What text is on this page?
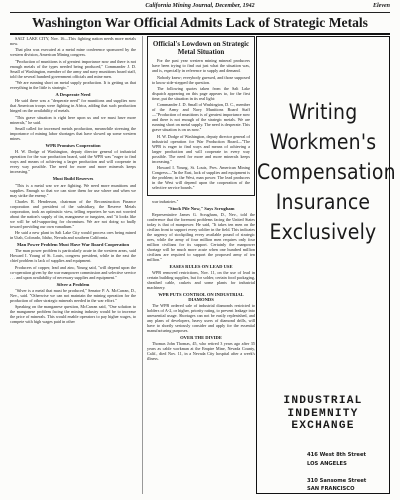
California Mining Journal, December, 1942	Eleven
Washington War Official Admits Lack of Strategic Metals

SALT LAKE CITY, Nov. 16—This fighting nation needs more metals now.

That plea was executed at a metal mine conference sponsored by the western division, American Mining congress.

"Production of munitions is of greatest importance now and there is not enough metals of the types needed being produced," Commander J. D. Small of Washington, member of the army and navy munitions board staff, told the several hundred government officials and mine men.

"We are running short on metal supply production. It is getting us that everything in the little is strategic."

A Desperate Need

He said there was a "desperate need" for munitions and supplies now that American troops were fighting in Africa, adding that such production hinged on the availability of metals.

"This grave situation is right here upon us and we must have more minerals," he said.

Small called for increased metals production, meanwhile stressing the importance of mining labor shortages that have slowed up some western mines.

WPB Promises Cooperation

H. W. Dodge of Washington, deputy director general of industrial operation for the war production board, said the WPB was "eager to find ways and means of achieving a larger production and will cooperate in every way possible. The need for more and more minerals keeps increasing."

Must Build Reserves

"This is a metal war we are fighting. We need more munitions and supplies. Enough so that we can store them for use where and when we may strike the enemy."

Charles R. Henderson, chairman of the Reconstruction Finance corporation and president of the subsidiary, the Reserve Metals corporation, took an optimistic view, telling reporters he was not worried about the nation's supply of tin, manganese or tungsten, and "it looks like we will be self-supporting for chromium. We are not doing so badly toward providing our own vanadium."

He said a new plant in Salt Lake City would process ores being mined in Utah, Colorado, Idaho, Nevada and southern California.

Man Power Problem Must Have War Board Cooperation

The man power problem is particularly acute in the western areas, said Howard I. Young of St. Louis, congress president, while in the east the chief problem is lack of supplies and equipment.

Producers of copper, lead and zinc, Young said, "will depend upon the co-operation given by the war manpower commission and selective service . . . and upon availability of necessary supplies and equipment."

Silver a Problem

"Silver is a metal that must be produced," Senator P. A. McCarran, D., Nev., said. "Otherwise we can not maintain the mining operation for the production of other strategic minerals needed in the war effort."

Speaking on the manganese question, McCarran said, "One solution to the manganese problem facing the mining industry would be to increase the price of minerals. This would enable operators to pay higher wages, to compete with high wages paid in other

Official's Lowdown on Strategic Metal Situation

For the past year western mining mineral producers have been trying to find out just what the situation was, and is, especially in reference to supply and demand.

Nobody knew; everybody guessed, and those supposed to know side-stepped the question.

The following quotes taken from the Salt Lake dispatch appearing on this page appears to, for the first time, put the situation in its real light:

Commander J. D. Small of Washington, D. C., member of the Army and Navy Munitions Board Staff—"Production of munitions is of greatest importance now and there is not enough of the strategic metals. We are running short on metal supply. The need is desperate. This grave situation is on us now."

H. W. Dodge of Washington, deputy director general of industrial operation for War Production Board—"The WPB is eager to find ways and means of achieving a larger production and will cooperate in every way possible. The need for more and more minerals keeps increasing."

Howard I. Young, St. Louis, Pres. American Mining Congress—"In the East, lack of supplies and equipment is the problem; in the West, man power. The lead producers in the West will depend upon the cooperation of the selective service boards."

war industries."

"Stock Pile Now," Says Scrugham

Representative James G. Scrugham, D., Nev., told the conference that the foremost problems facing the United States today is that of manpower. He said, "It takes ten men on the civilian front to support every soldier in the field. This indicates the urgency of stockpiling every available pound of strategic ores, while the army of four million men requires only four million civilians for its support. Certainly the manpower shortage will be much more acute when one hundred million civilians are required to support the proposed army of ten million."

EASES RULES ON LEAD USE

WPB removed restrictions, Nov. 11, on the use of lead in certain building supplies, but for solder, certain food packaging, sheathed cable, caskets and some plants for industrial machinery.

WPB PUTS CONTROL ON INDUSTRIAL DIAMONDS

The WPB ordered sale of industrial diamonds restricted to holders of A-2, or higher, priority rating, to prevent leakage into unessential usage. Shortages can not be easily replenished, and any plans of developers, heavy users of diamond drills, will have to shortly seriously consider and apply for the essential manufacturing purposes.

OVER THE DIVIDE

Thomas John Thomas, 45, who retired 3 years ago after 35 years as cable workman at the Empire Mine, Nevada County, Calif., died Nov. 11, in a Nevada City hospital after a week's illness.

Writing
Workmen's
Compensation
Insurance
Exclusively
INDUSTRIAL
INDEMNITY
EXCHANGE
416 West 8th Street
LOS ANGELES

310 Sansome Street
SAN FRANCISCO
